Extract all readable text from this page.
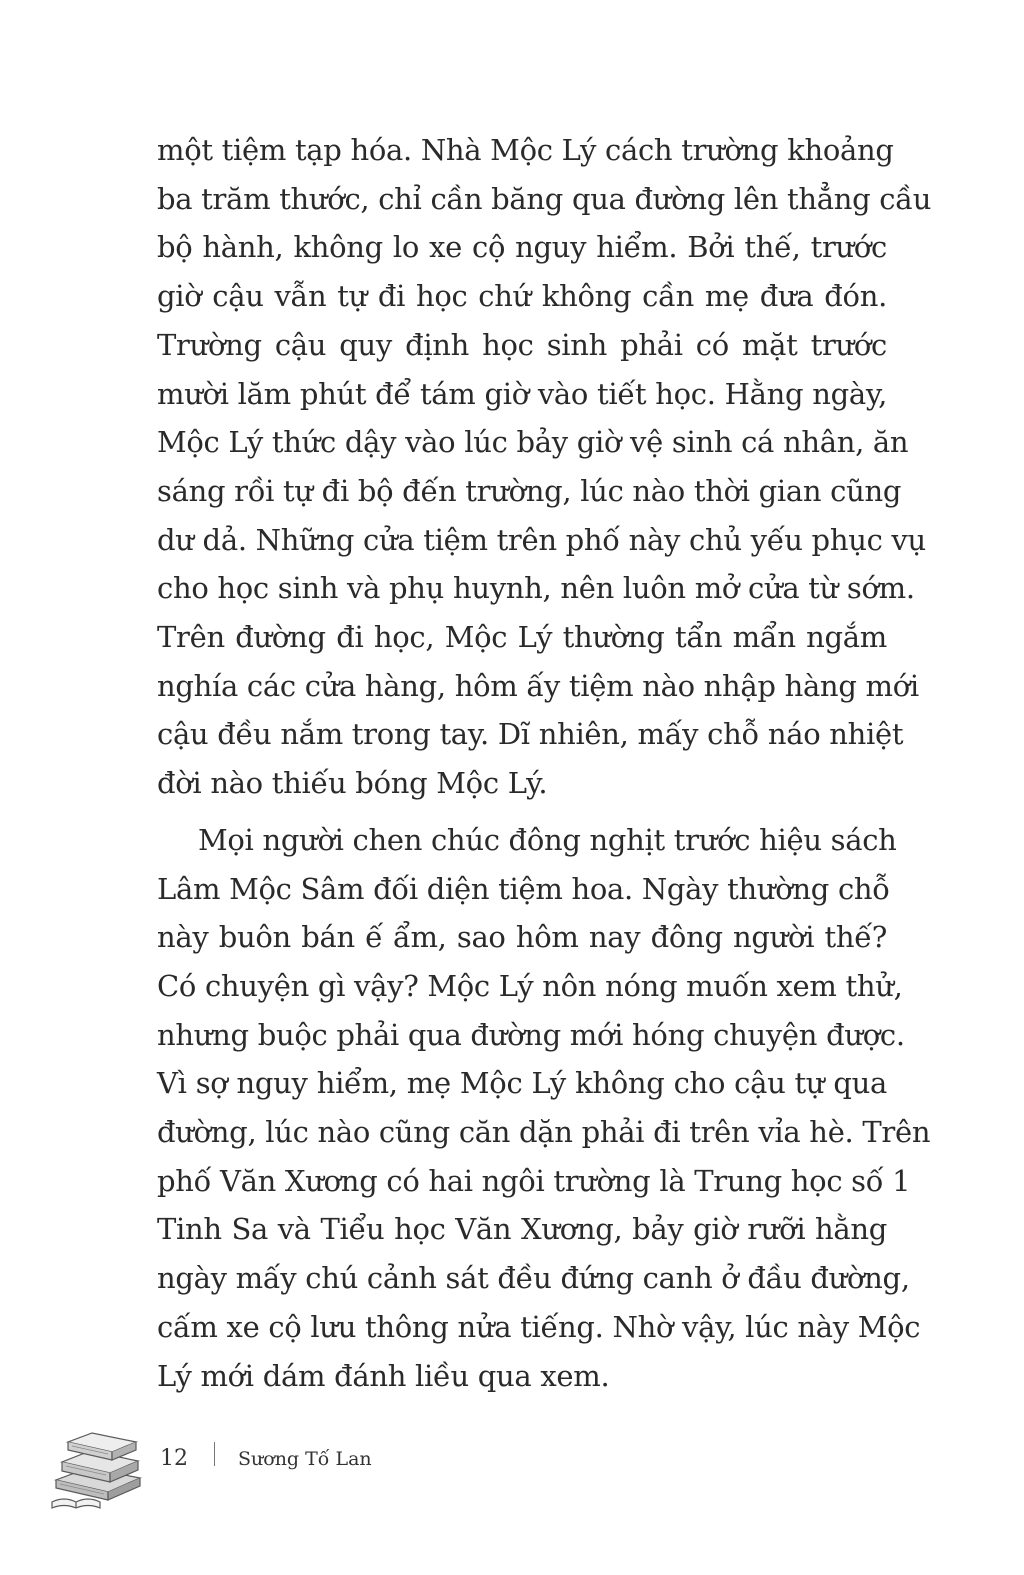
một tiệm tạp hóa. Nhà Mộc Lý cách trường khoảng
ba trăm thước, chỉ cần băng qua đường lên thẳng cầu
bộ hành, không lo xe cộ nguy hiểm. Bởi thế, trước
giờ cậu vẫn tự đi học chứ không cần mẹ đưa đón.
Trường cậu quy định học sinh phải có mặt trước
mười lăm phút để tám giờ vào tiết học. Hằng ngày,
Mộc Lý thức dậy vào lúc bảy giờ vệ sinh cá nhân, ăn
sáng rồi tự đi bộ đến trường, lúc nào thời gian cũng
dư dả. Những cửa tiệm trên phố này chủ yếu phục vụ
cho học sinh và phụ huynh, nên luôn mở cửa từ sớm.
Trên đường đi học, Mộc Lý thường tẩn mẩn ngắm
nghía các cửa hàng, hôm ấy tiệm nào nhập hàng mới
cậu đều nắm trong tay. Dĩ nhiên, mấy chỗ náo nhiệt
đời nào thiếu bóng Mộc Lý.
Mọi người chen chúc đông nghịt trước hiệu sách
Lâm Mộc Sâm đối diện tiệm hoa. Ngày thường chỗ
này buôn bán ế ẩm, sao hôm nay đông người thế?
Có chuyện gì vậy? Mộc Lý nôn nóng muốn xem thử,
nhưng buộc phải qua đường mới hóng chuyện được.
Vì sợ nguy hiểm, mẹ Mộc Lý không cho cậu tự qua
đường, lúc nào cũng căn dặn phải đi trên vỉa hè. Trên
phố Văn Xương có hai ngôi trường là Trung học số 1
Tinh Sa và Tiểu học Văn Xương, bảy giờ rưỡi hằng
ngày mấy chú cảnh sát đều đứng canh ở đầu đường,
cấm xe cộ lưu thông nửa tiếng. Nhờ vậy, lúc này Mộc
Lý mới dám đánh liều qua xem.
12	Sương Tố Lan
